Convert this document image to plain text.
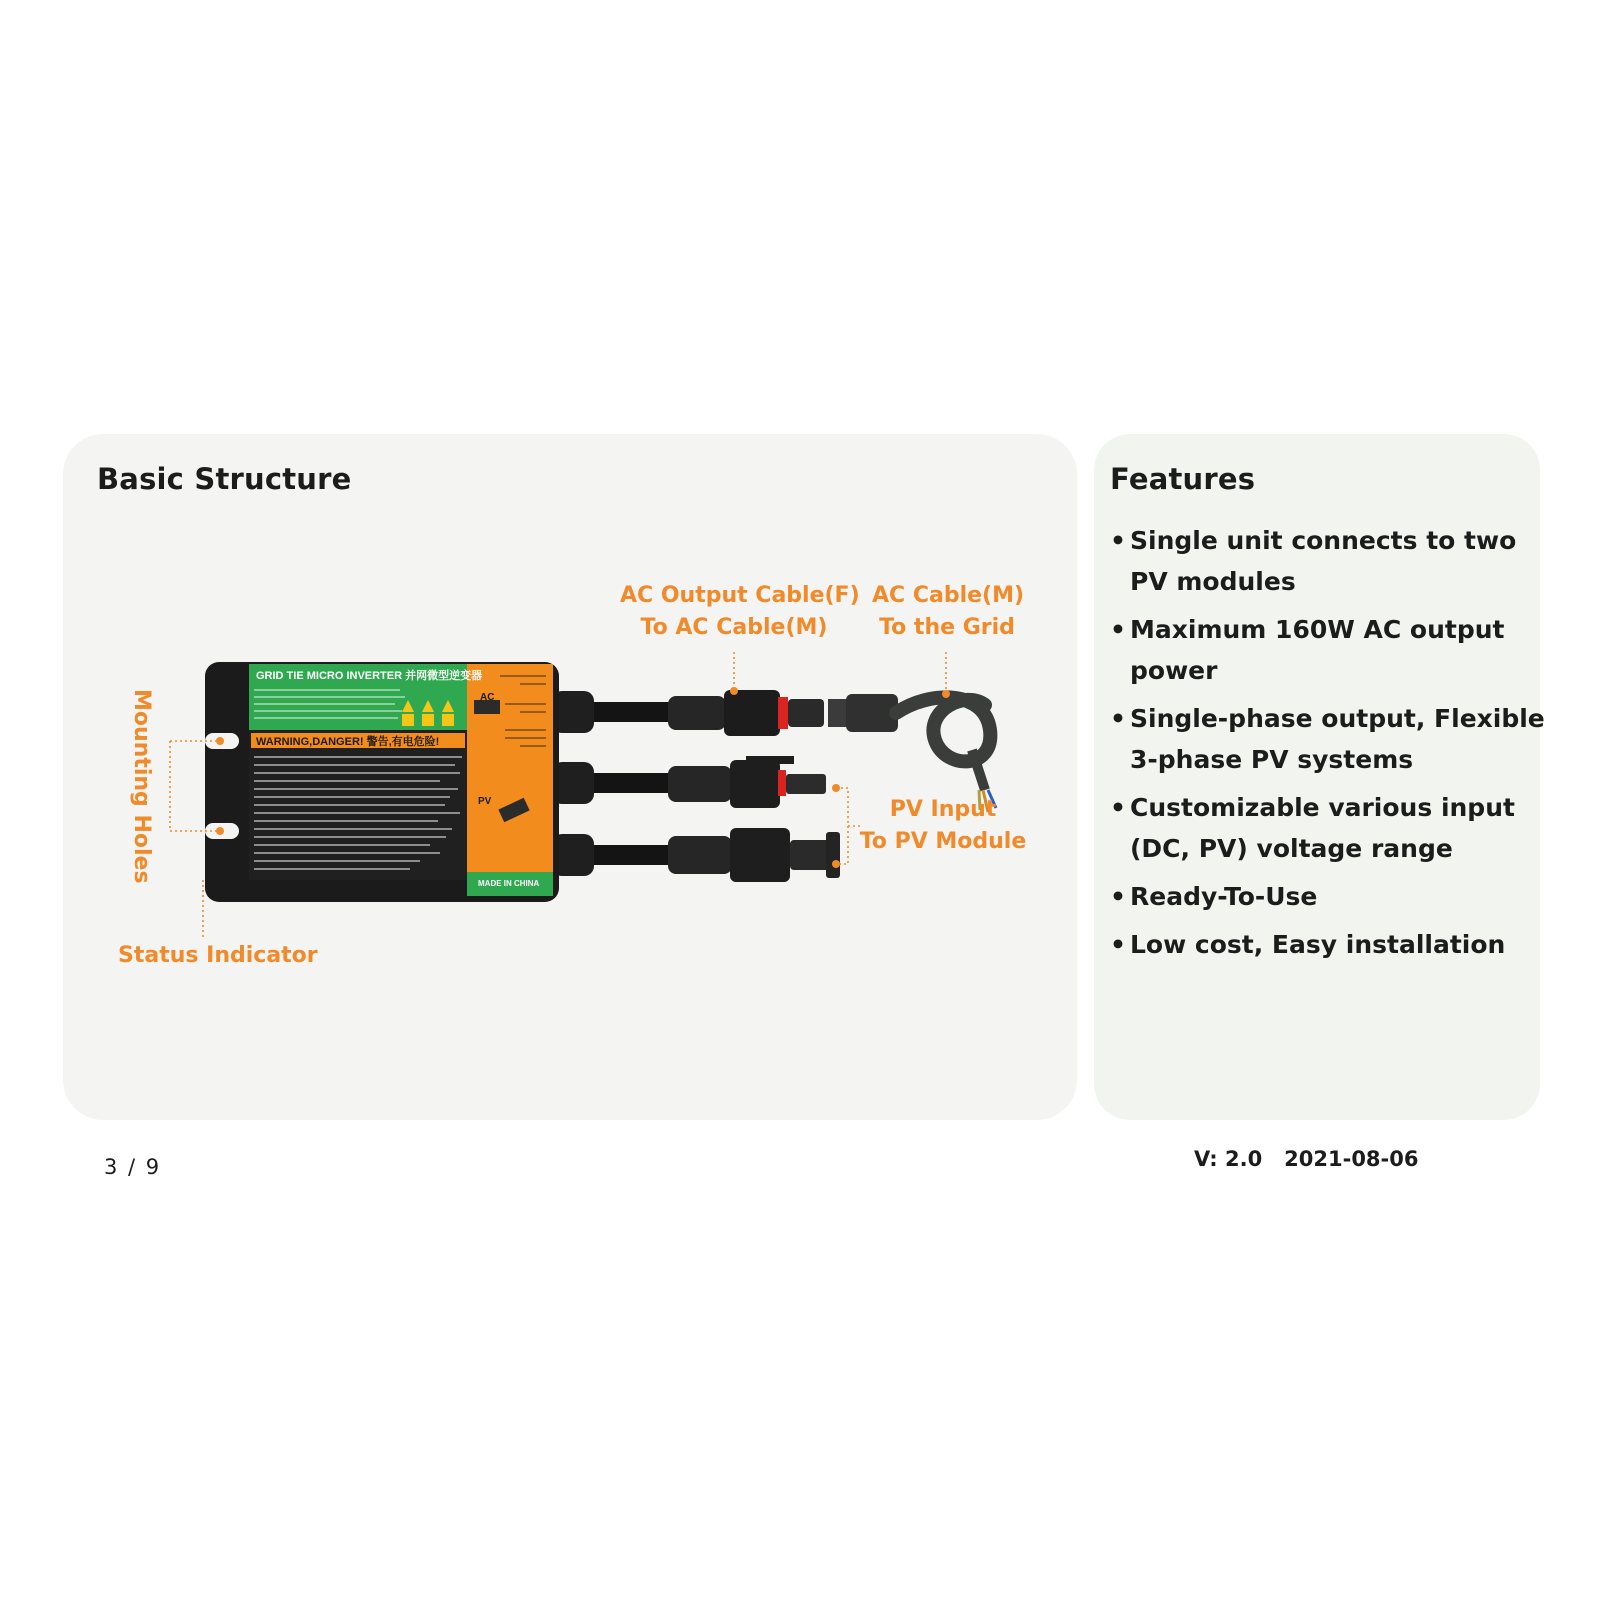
Basic Structure	Features
GRID TIE MICRO INVERTER 并网微型逆变器
WARNING,DANGER! 警告,有电危险!
AC
PV
MADE IN CHINA
AC Output Cable(F)
To AC Cable(M)
AC Cable(M)
To the Grid
PV Input
To PV Module
Mounting Holes
Status Indicator
• Single unit connects to two PV modules
• Maximum 160W AC output power
• Single-phase output, Flexible 3-phase PV systems
• Customizable various input (DC, PV) voltage range
• Ready-To-Use
• Low cost, Easy installation
3 / 9	V: 2.0   2021-08-06
